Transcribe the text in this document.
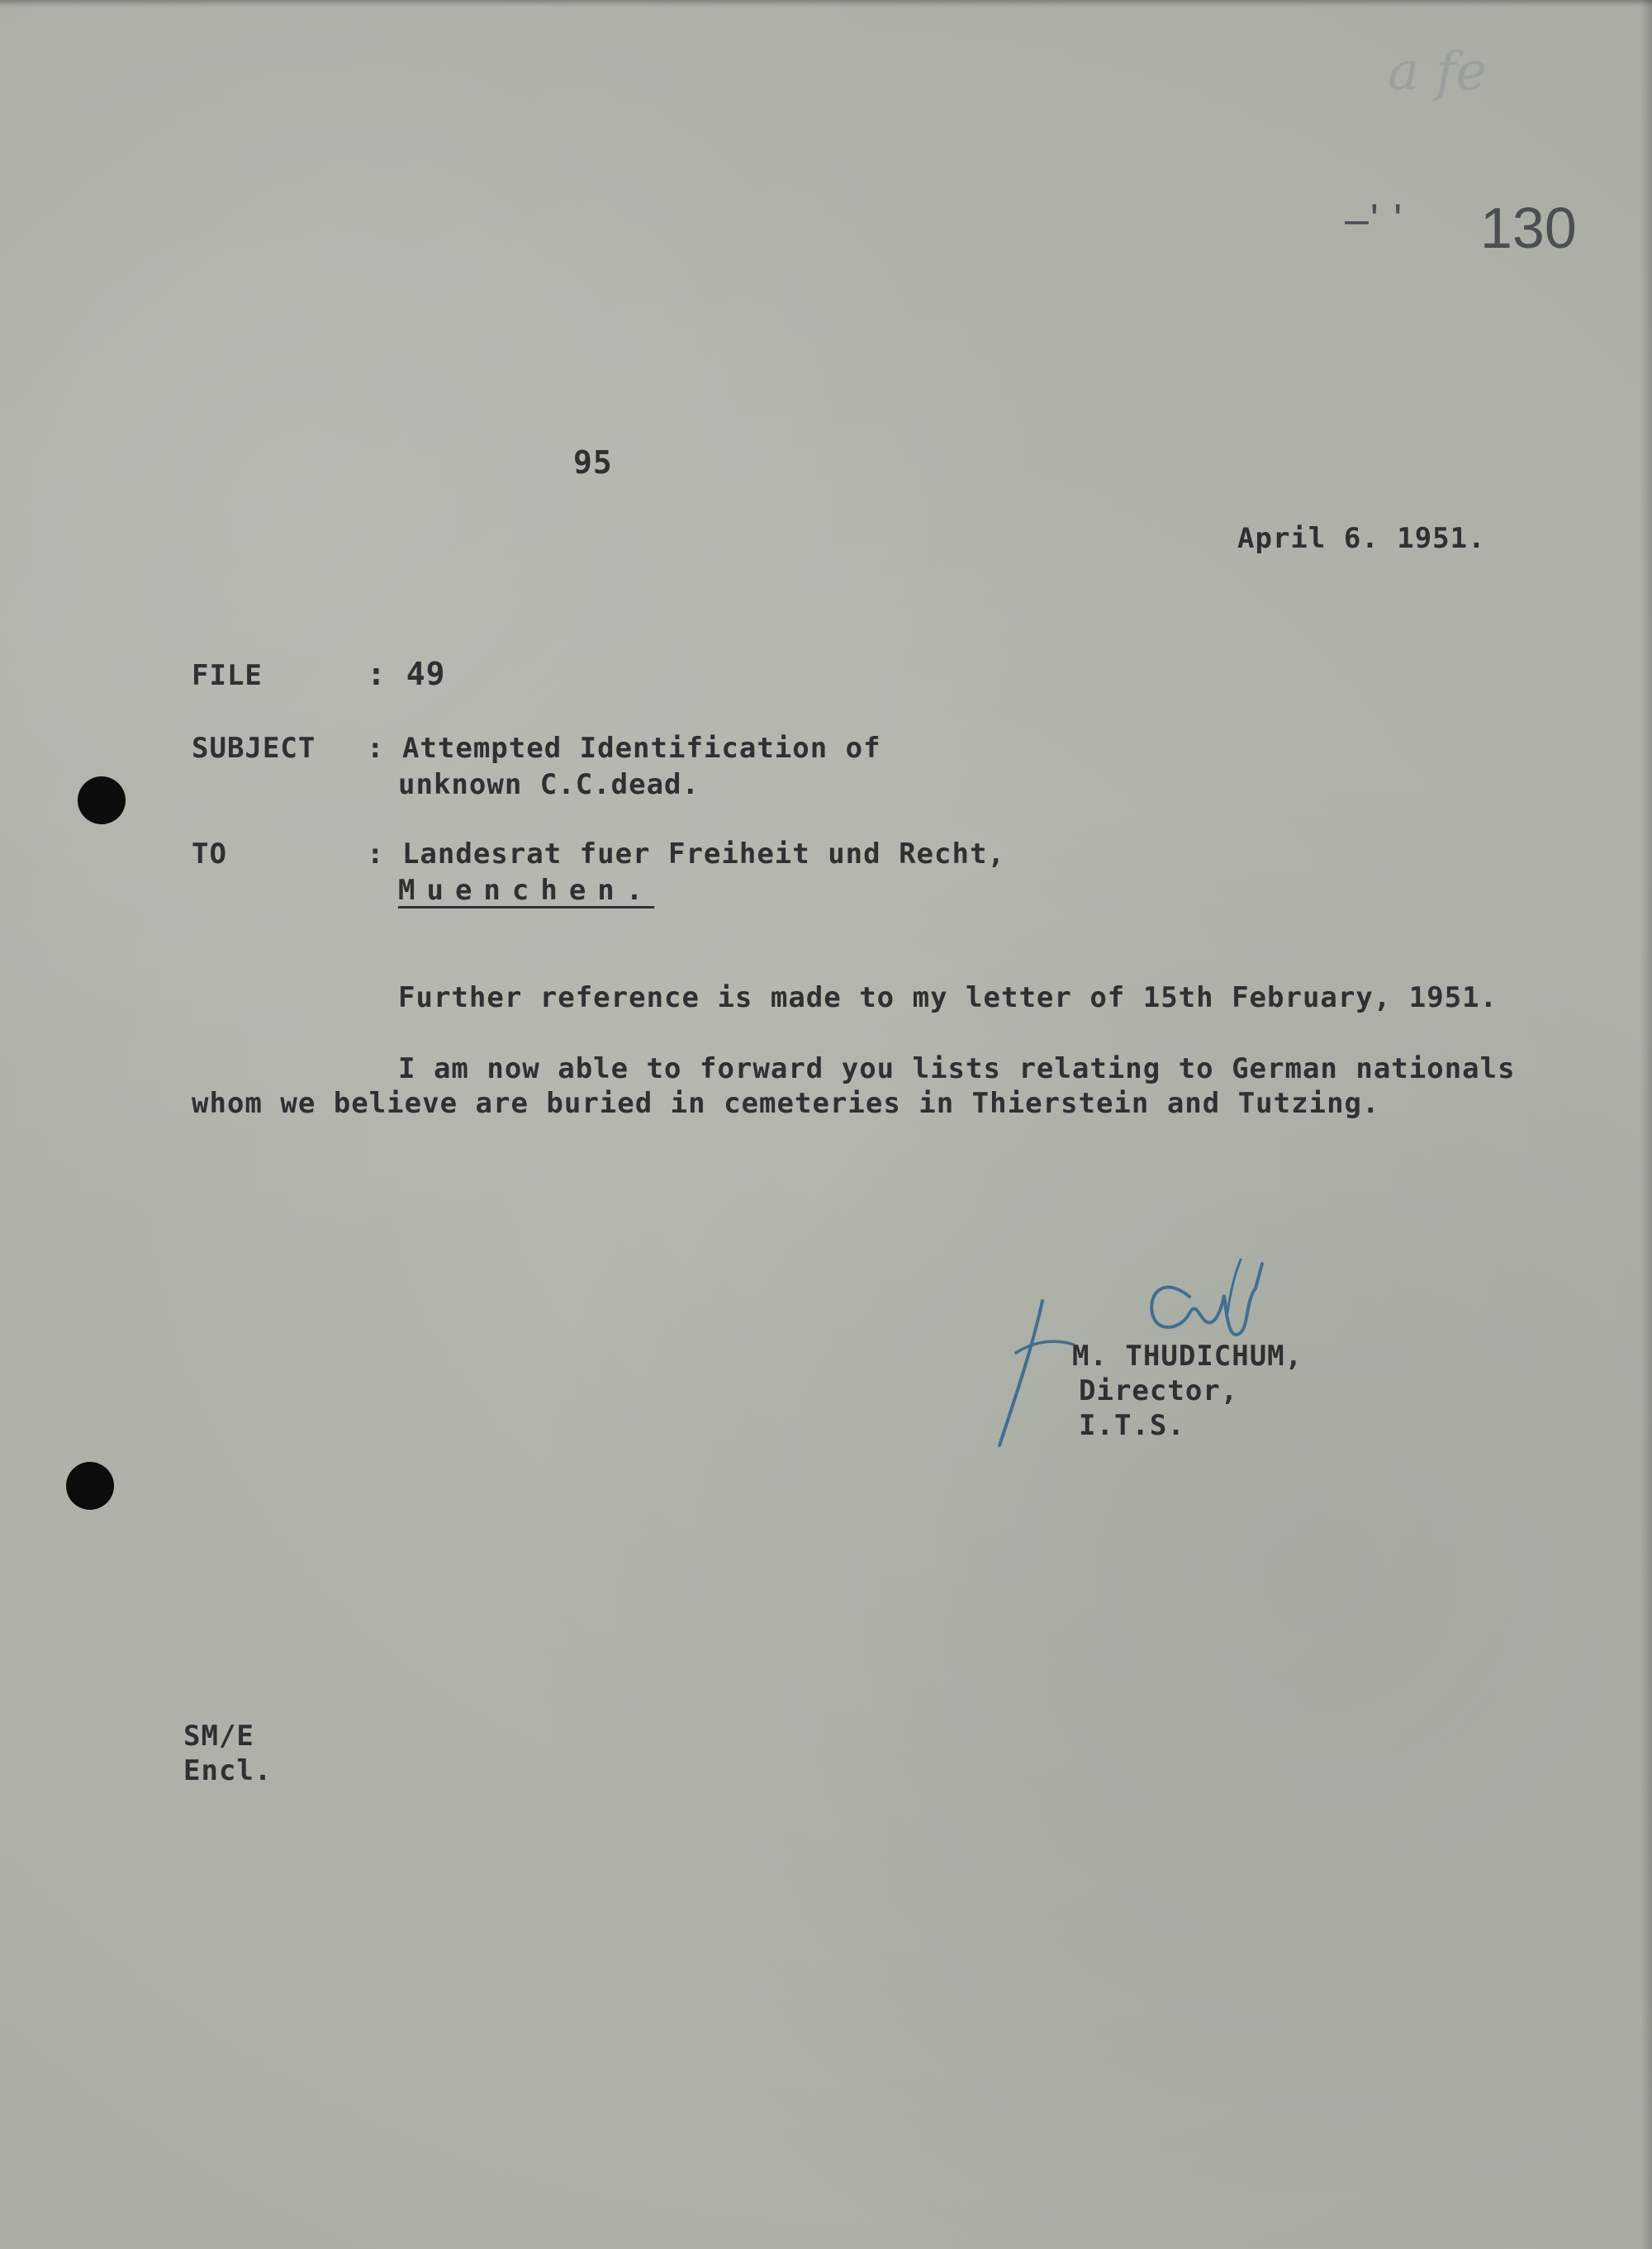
a fe
–' ' 130
95
April 6. 1951.
FILE	: 49
SUBJECT : Attempted Identification of
unknown C.C.dead.
TO	: Landesrat fuer Freiheit und Recht,
Muenchen.
Further reference is made to my letter of 15th February, 1951.
I am now able to forward you lists relating to German nationals
whom we believe are buried in cemeteries in Thierstein and Tutzing.
M. THUDICHUM,
Director,
I.T.S.
SM/E
Encl.
